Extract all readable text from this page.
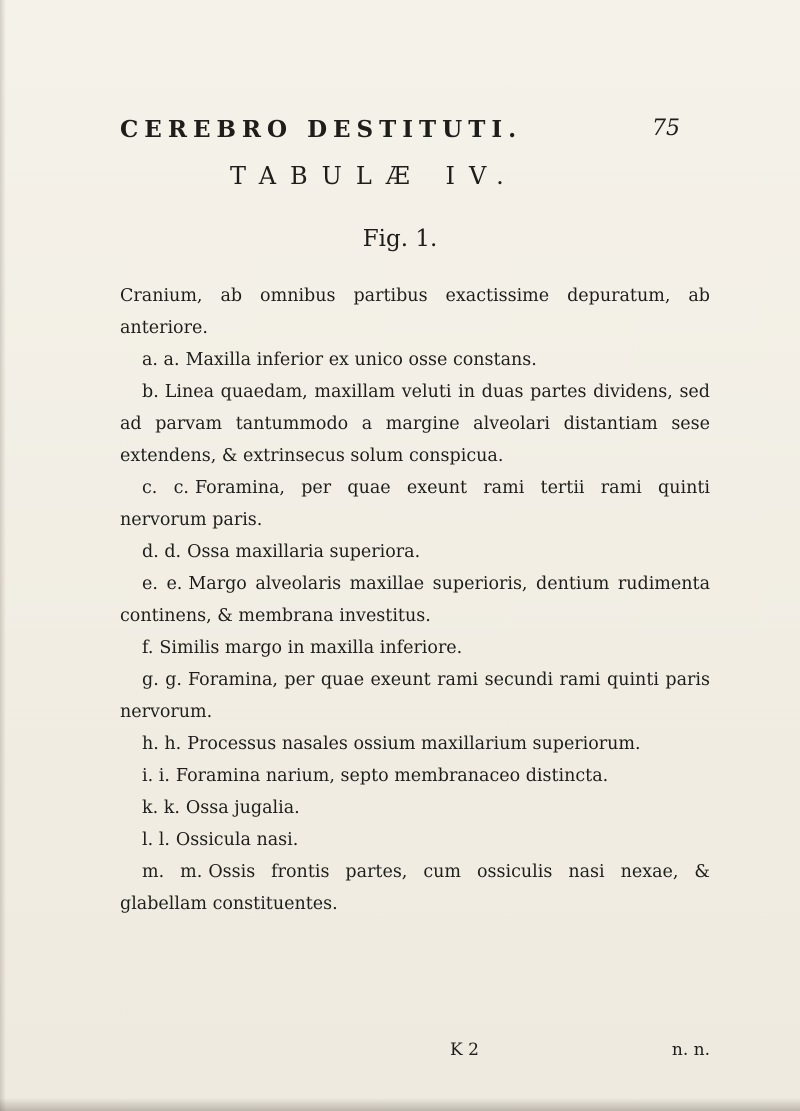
CEREBRO DESTITUTI.	75
TABULÆ IV.
Fig. 1.

Cranium, ab omnibus partibus exactissime depuratum, ab anteriore.

a. a. Maxilla inferior ex unico osse constans.

b. Linea quaedam, maxillam veluti in duas partes dividens, sed ad parvam tantummodo a margine alveolari distantiam sese extendens, & extrinsecus solum conspicua.

c. c. Foramina, per quae exeunt rami tertii rami quinti nervorum paris.

d. d. Ossa maxillaria superiora.

e. e. Margo alveolaris maxillae superioris, dentium rudimenta continens, & membrana investitus.

f. Similis margo in maxilla inferiore.

g. g. Foramina, per quae exeunt rami secundi rami quinti paris nervorum.

h. h. Processus nasales ossium maxillarium superiorum.

i. i. Foramina narium, septo membranaceo distincta.

k. k. Ossa jugalia.

l. l. Ossicula nasi.

m. m. Ossis frontis partes, cum ossiculis nasi nexae, & glabellam constituentes.

K 2	n. n.
